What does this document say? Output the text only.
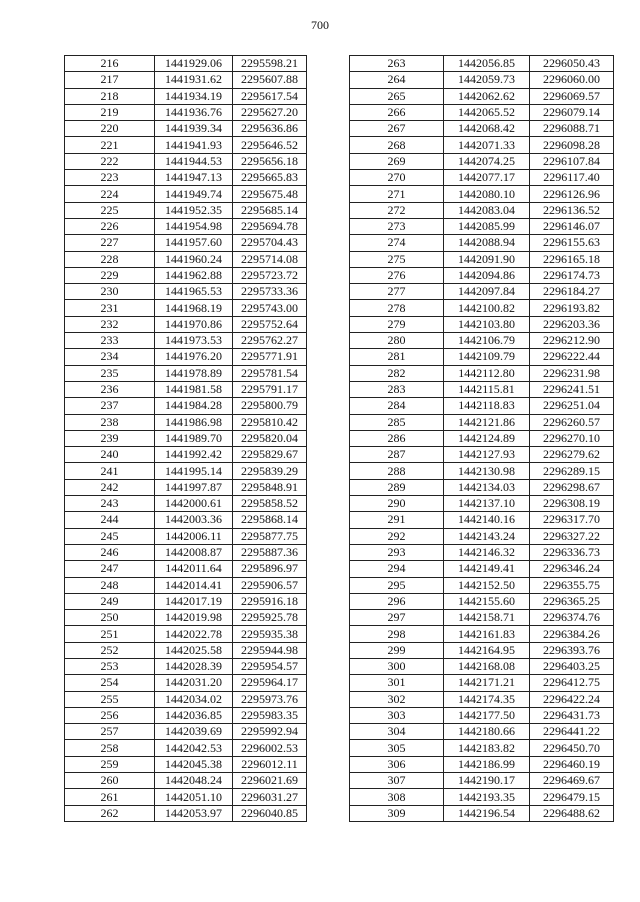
700
216	1441929.06	2295598.21
217	1441931.62	2295607.88
218	1441934.19	2295617.54
219	1441936.76	2295627.20
220	1441939.34	2295636.86
221	1441941.93	2295646.52
222	1441944.53	2295656.18
223	1441947.13	2295665.83
224	1441949.74	2295675.48
225	1441952.35	2295685.14
226	1441954.98	2295694.78
227	1441957.60	2295704.43
228	1441960.24	2295714.08
229	1441962.88	2295723.72
230	1441965.53	2295733.36
231	1441968.19	2295743.00
232	1441970.86	2295752.64
233	1441973.53	2295762.27
234	1441976.20	2295771.91
235	1441978.89	2295781.54
236	1441981.58	2295791.17
237	1441984.28	2295800.79
238	1441986.98	2295810.42
239	1441989.70	2295820.04
240	1441992.42	2295829.67
241	1441995.14	2295839.29
242	1441997.87	2295848.91
243	1442000.61	2295858.52
244	1442003.36	2295868.14
245	1442006.11	2295877.75
246	1442008.87	2295887.36
247	1442011.64	2295896.97
248	1442014.41	2295906.57
249	1442017.19	2295916.18
250	1442019.98	2295925.78
251	1442022.78	2295935.38
252	1442025.58	2295944.98
253	1442028.39	2295954.57
254	1442031.20	2295964.17
255	1442034.02	2295973.76
256	1442036.85	2295983.35
257	1442039.69	2295992.94
258	1442042.53	2296002.53
259	1442045.38	2296012.11
260	1442048.24	2296021.69
261	1442051.10	2296031.27
262	1442053.97	2296040.85
263	1442056.85	2296050.43
264	1442059.73	2296060.00
265	1442062.62	2296069.57
266	1442065.52	2296079.14
267	1442068.42	2296088.71
268	1442071.33	2296098.28
269	1442074.25	2296107.84
270	1442077.17	2296117.40
271	1442080.10	2296126.96
272	1442083.04	2296136.52
273	1442085.99	2296146.07
274	1442088.94	2296155.63
275	1442091.90	2296165.18
276	1442094.86	2296174.73
277	1442097.84	2296184.27
278	1442100.82	2296193.82
279	1442103.80	2296203.36
280	1442106.79	2296212.90
281	1442109.79	2296222.44
282	1442112.80	2296231.98
283	1442115.81	2296241.51
284	1442118.83	2296251.04
285	1442121.86	2296260.57
286	1442124.89	2296270.10
287	1442127.93	2296279.62
288	1442130.98	2296289.15
289	1442134.03	2296298.67
290	1442137.10	2296308.19
291	1442140.16	2296317.70
292	1442143.24	2296327.22
293	1442146.32	2296336.73
294	1442149.41	2296346.24
295	1442152.50	2296355.75
296	1442155.60	2296365.25
297	1442158.71	2296374.76
298	1442161.83	2296384.26
299	1442164.95	2296393.76
300	1442168.08	2296403.25
301	1442171.21	2296412.75
302	1442174.35	2296422.24
303	1442177.50	2296431.73
304	1442180.66	2296441.22
305	1442183.82	2296450.70
306	1442186.99	2296460.19
307	1442190.17	2296469.67
308	1442193.35	2296479.15
309	1442196.54	2296488.62
